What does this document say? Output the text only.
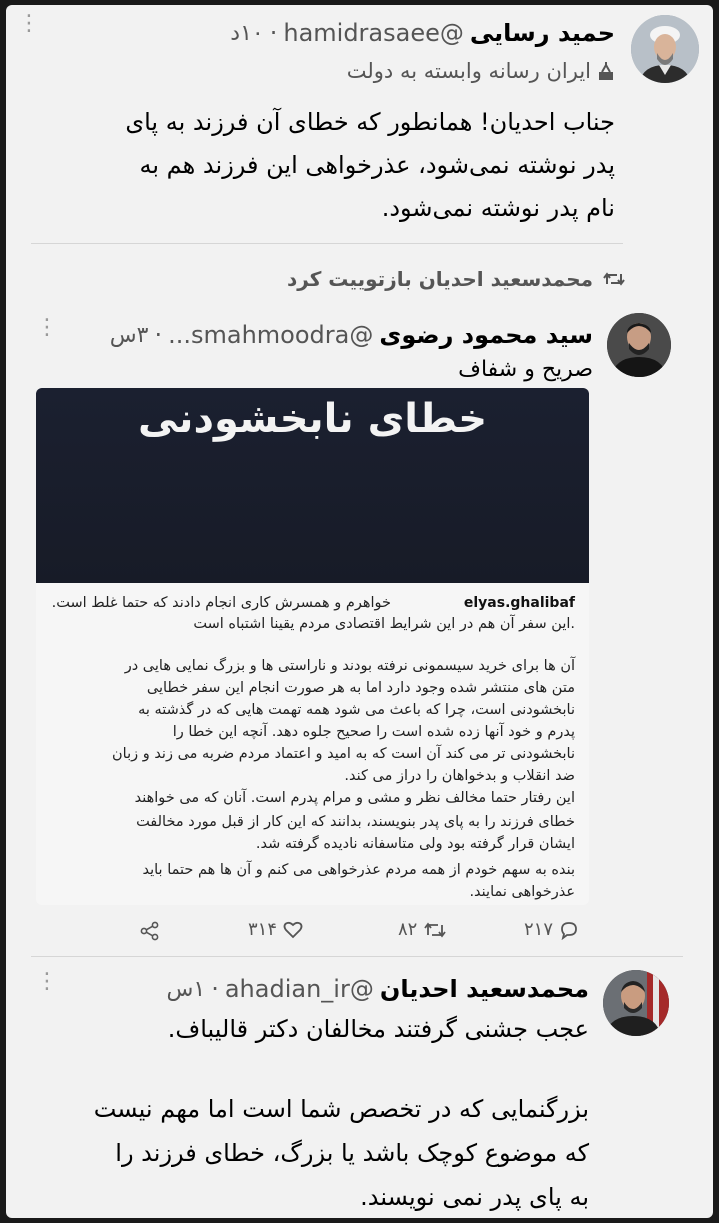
حمید رسایی
@hamidrasaee
·
۱۰د
⋮
ایران رسانه وابسته به دولت
جناب احدیان! همانطور که خطای آن فرزند به پای
پدر نوشته نمی‌شود، عذرخواهی این فرزند هم به
نام پدر نوشته نمی‌شود.
محمدسعید احدیان بازتوییت کرد
سید محمود رضوی
@smahmoodra...
·
۳س
⋮
صریح و شفاف
خطای نابخشودنی
elyas.ghalibaf
خواهرم و همسرش کاری انجام دادند که حتما غلط است.
.این سفر آن هم در این شرایط اقتصادی مردم یقینا اشتباه است
آن ها برای خرید سیسمونی نرفته بودند و ناراستی ها و بزرگ نمایی هایی در
متن های منتشر شده وجود دارد اما به هر صورت انجام این سفر خطایی
نابخشودنی است، چرا که باعث می شود همه تهمت هایی که در گذشته به
پدرم و خود آنها زده شده است را صحیح جلوه دهد. آنچه این خطا را
نابخشودنی تر می کند آن است که به امید و اعتماد مردم ضربه می زند و زبان
ضد انقلاب و بدخواهان را دراز می کند.
این رفتار حتما مخالف نظر و مشی و مرام پدرم است. آنان که می خواهند
خطای فرزند را به پای پدر بنویسند، بدانند که این کار از قبل مورد مخالفت
ایشان قرار گرفته بود ولی متاسفانه نادیده گرفته شد.
بنده به سهم خودم از همه مردم عذرخواهی می کنم و آن ها هم حتما باید
عذرخواهی نمایند.
۲۱۷
۸۲
۳۱۴
محمدسعید احدیان
@ahadian_ir
·
۱س
⋮
عجب جشنی گرفتند مخالفان دکتر قالیباف.
بزرگنمایی که در تخصص شما است اما مهم نیست
که موضوع کوچک باشد یا بزرگ، خطای فرزند را
به پای پدر نمی نویسند.
